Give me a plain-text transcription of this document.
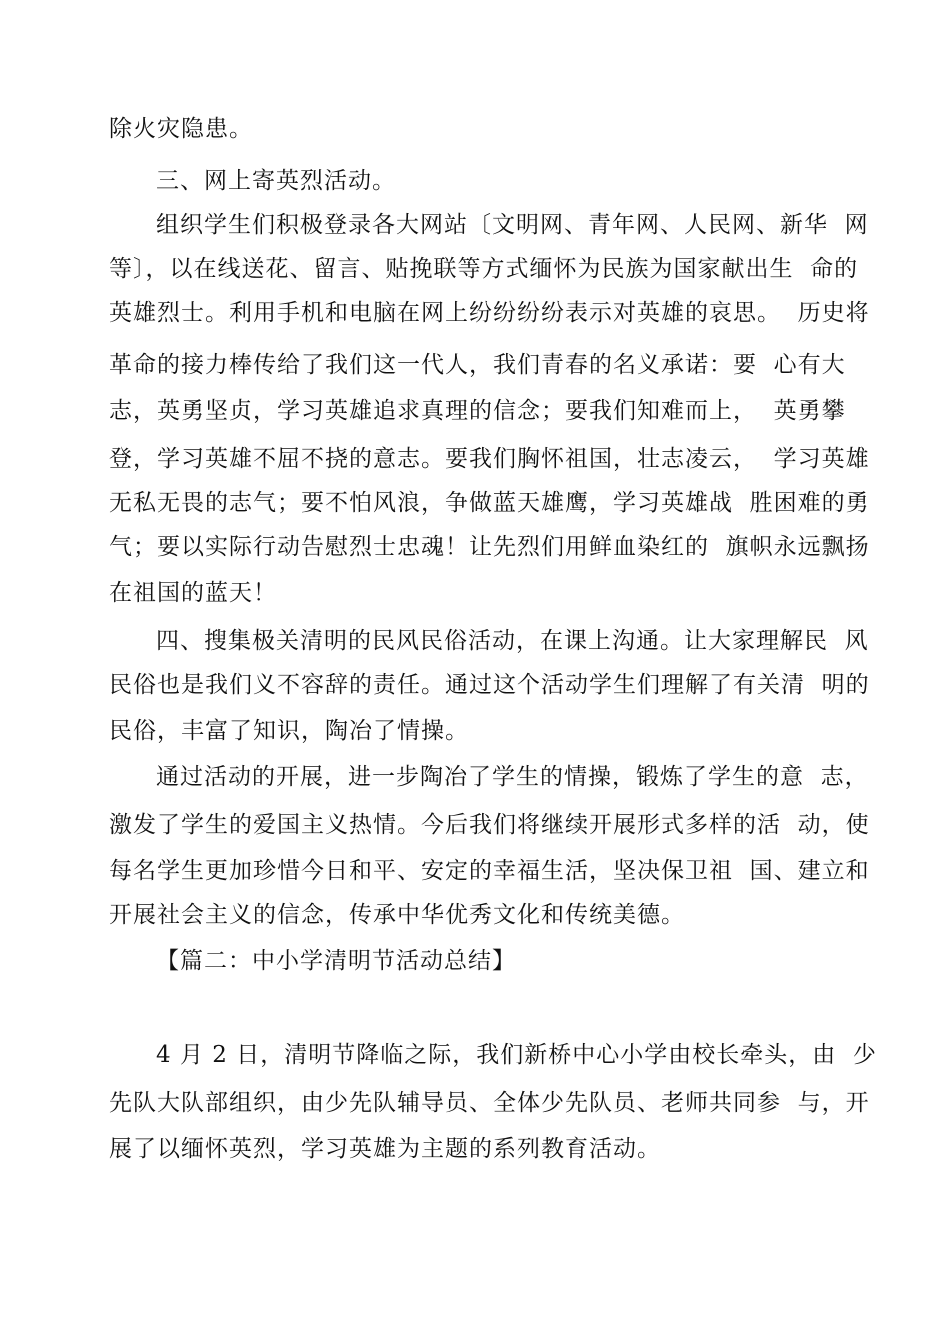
除火灾隐患。
三、网上寄英烈活动。
组织学生们积极登录各大网站〔文明网、青年网、人民网、新华  网
等〕，以在线送花、留言、贴挽联等方式缅怀为民族为国家献出生  命的
英雄烈士。利用手机和电脑在网上纷纷纷纷表示对英雄的哀思。  历史将
革命的接力棒传给了我们这一代人，我们青春的名义承诺：要  心有大
志，英勇坚贞，学习英雄追求真理的信念；要我们知难而上，  英勇攀
登，学习英雄不屈不挠的意志。要我们胸怀祖国，壮志凌云，  学习英雄
无私无畏的志气；要不怕风浪，争做蓝天雄鹰，学习英雄战  胜困难的勇
气；要以实际行动告慰烈士忠魂！让先烈们用鲜血染红的  旗帜永远飘扬
在祖国的蓝天！
四、搜集极关清明的民风民俗活动，在课上沟通。让大家理解民  风
民俗也是我们义不容辞的责任。通过这个活动学生们理解了有关清  明的
民俗，丰富了知识，陶冶了情操。
通过活动的开展，进一步陶冶了学生的情操，锻炼了学生的意  志，
激发了学生的爱国主义热情。今后我们将继续开展形式多样的活  动，使
每名学生更加珍惜今日和平、安定的幸福生活，坚决保卫祖  国、建立和
开展社会主义的信念，传承中华优秀文化和传统美德。
【篇二：中小学清明节活动总结】
4 月 2 日，清明节降临之际，我们新桥中心小学由校长牵头，由  少
先队大队部组织，由少先队辅导员、全体少先队员、老师共同参  与，开
展了以缅怀英烈，学习英雄为主题的系列教育活动。
